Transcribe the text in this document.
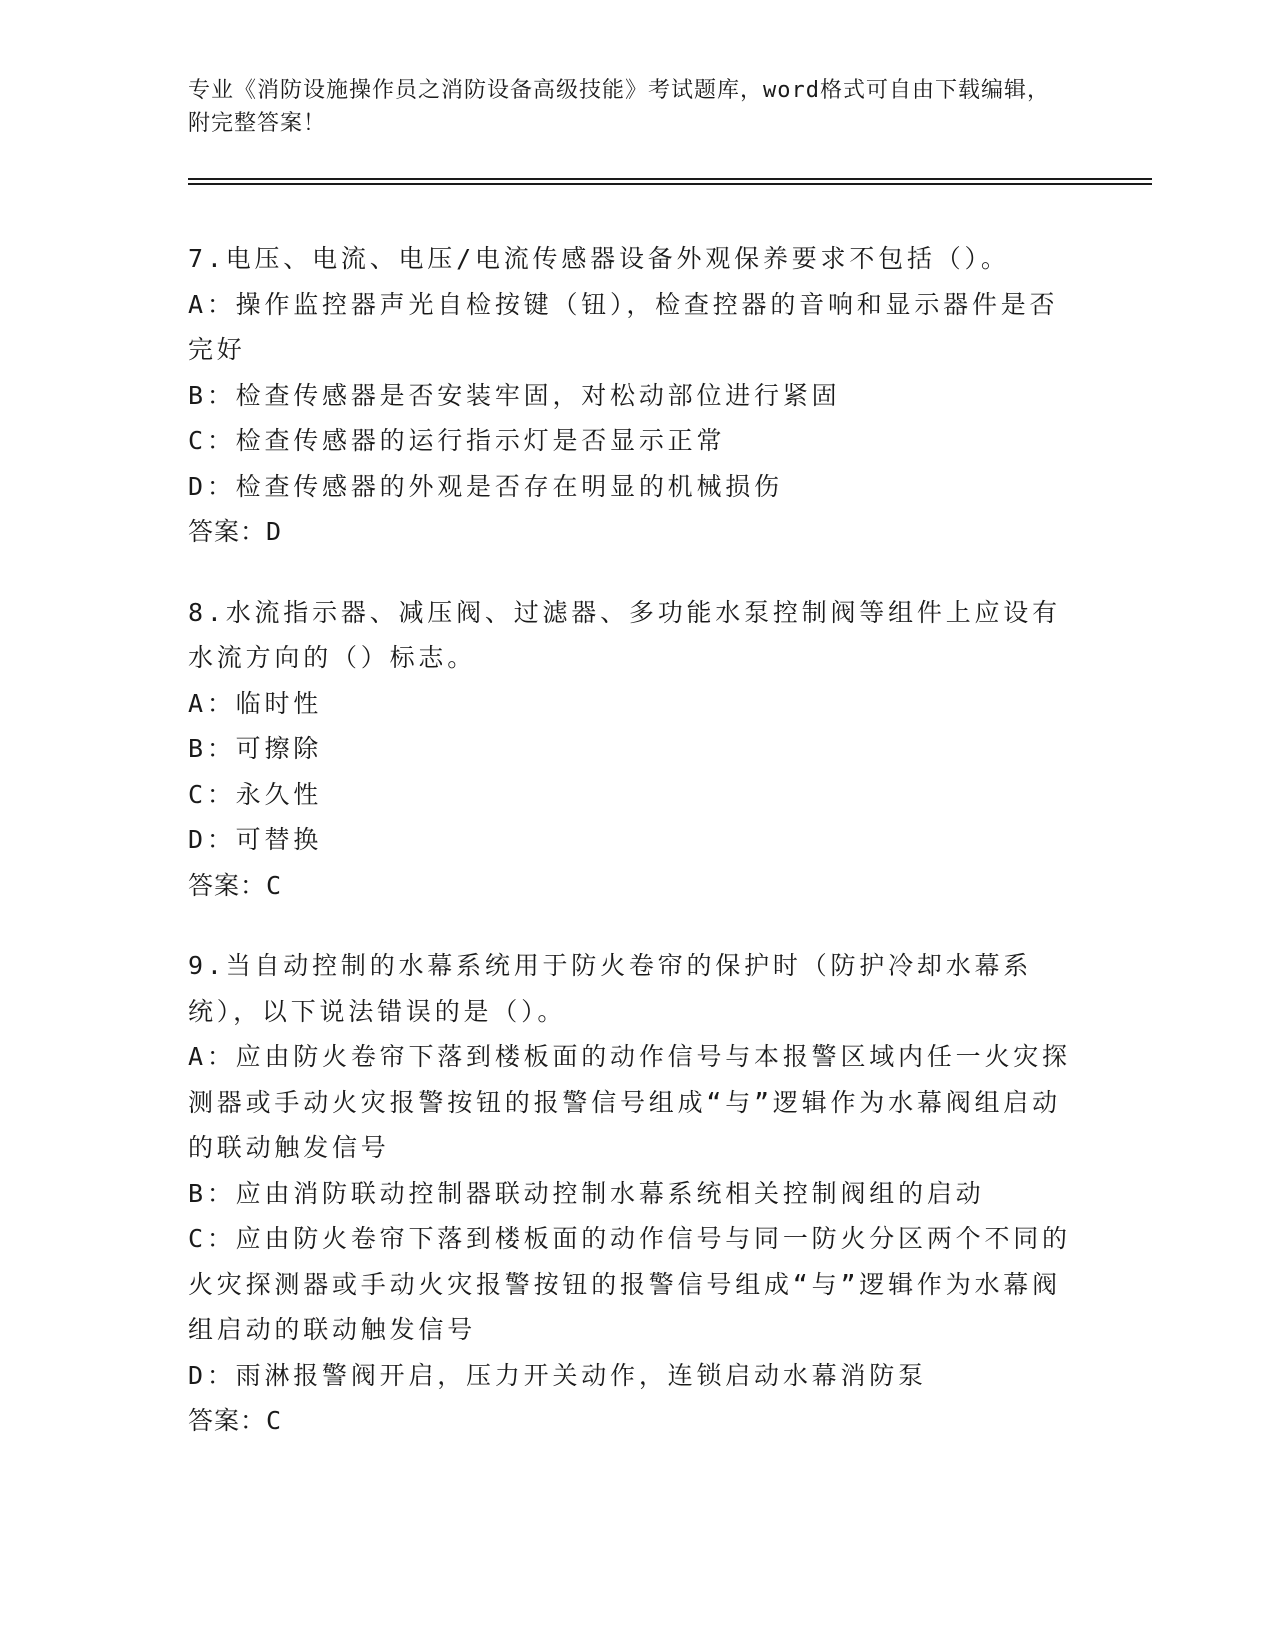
专业《消防设施操作员之消防设备高级技能》考试题库，word格式可自由下载编辑，附完整答案！
7.电压、电流、电压/电流传感器设备外观保养要求不包括（）。
A：操作监控器声光自检按键（钮），检查控器的音响和显示器件是否完好
B：检查传感器是否安装牢固，对松动部位进行紧固
C：检查传感器的运行指示灯是否显示正常
D：检查传感器的外观是否存在明显的机械损伤
答案：D
8.水流指示器、减压阀、过滤器、多功能水泵控制阀等组件上应设有水流方向的（）标志。
A：临时性
B：可擦除
C：永久性
D：可替换
答案：C
9.当自动控制的水幕系统用于防火卷帘的保护时（防护冷却水幕系统），以下说法错误的是（）。
A：应由防火卷帘下落到楼板面的动作信号与本报警区域内任一火灾探测器或手动火灾报警按钮的报警信号组成“与”逻辑作为水幕阀组启动的联动触发信号
B：应由消防联动控制器联动控制水幕系统相关控制阀组的启动
C：应由防火卷帘下落到楼板面的动作信号与同一防火分区两个不同的火灾探测器或手动火灾报警按钮的报警信号组成“与”逻辑作为水幕阀组启动的联动触发信号
D：雨淋报警阀开启，压力开关动作，连锁启动水幕消防泵
答案：C
